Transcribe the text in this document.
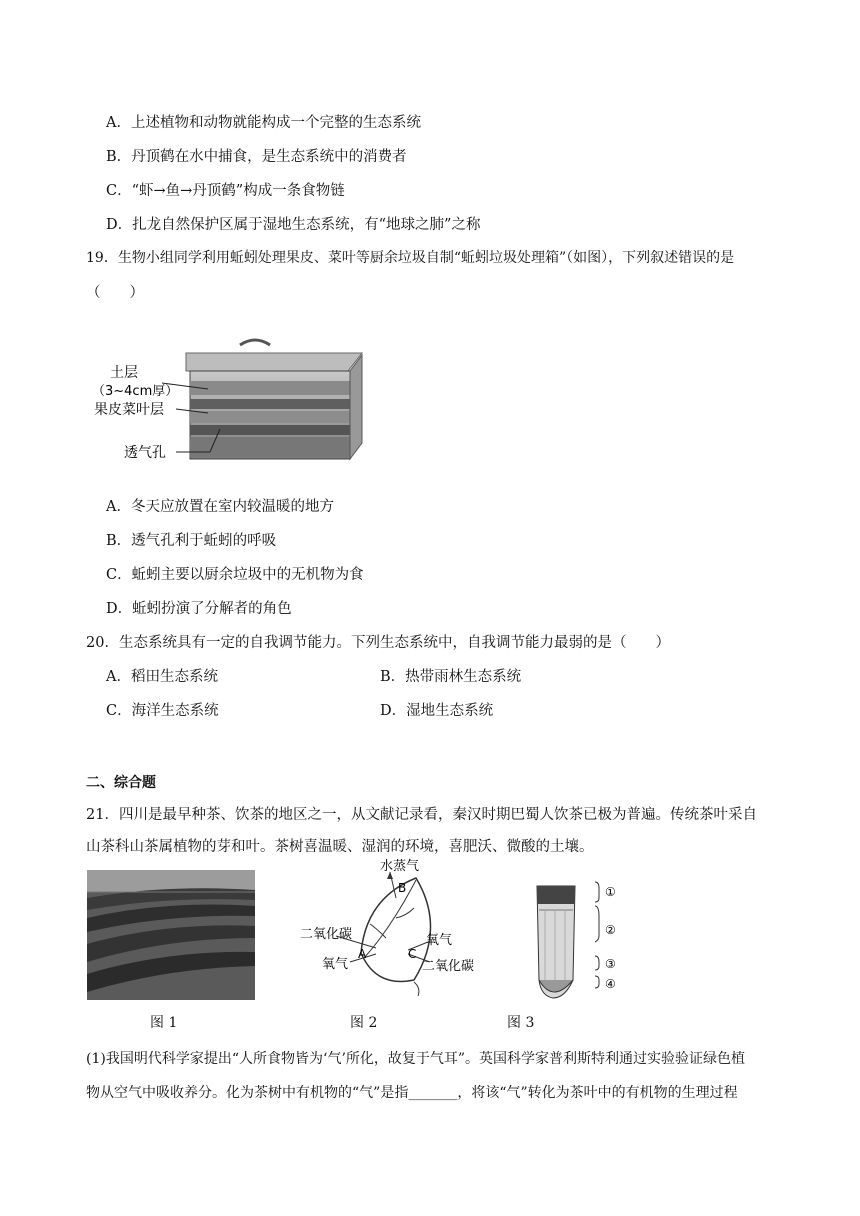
A．上述植物和动物就能构成一个完整的生态系统
B．丹顶鹤在水中捕食，是生态系统中的消费者
C．“虾→鱼→丹顶鹤”构成一条食物链
D．扎龙自然保护区属于湿地生态系统，有“地球之肺”之称
19．生物小组同学利用蚯蚓处理果皮、菜叶等厨余垃圾自制“蚯蚓垃圾处理箱”（如图），下列叙述错误的是
（　　）
土层
（3~4cm厚）
果皮菜叶层
透气孔
A．冬天应放置在室内较温暖的地方
B．透气孔利于蚯蚓的呼吸
C．蚯蚓主要以厨余垃圾中的无机物为食
D．蚯蚓扮演了分解者的角色
20．生态系统具有一定的自我调节能力。下列生态系统中，自我调节能力最弱的是（　　）
A．稻田生态系统	B．热带雨林生态系统
C．海洋生态系统	D．湿地生态系统
二、综合题
21．四川是最早种茶、饮茶的地区之一，从文献记录看，秦汉时期巴蜀人饮茶已极为普遍。传统茶叶采自
山茶科山茶属植物的芽和叶。茶树喜温暖、湿润的环境，喜肥沃、微酸的土壤。
图 1
水蒸气
B
二氧化碳
氧气
A
氧气
C
二氧化碳
图 2
①
②
③
④
图 3
(1)我国明代科学家提出“人所食物皆为‘气’所化，故复于气耳”。英国科学家普利斯特利通过实验验证绿色植
物从空气中吸收养分。化为茶树中有机物的“气”是指_______，将该“气”转化为茶叶中的有机物的生理过程
